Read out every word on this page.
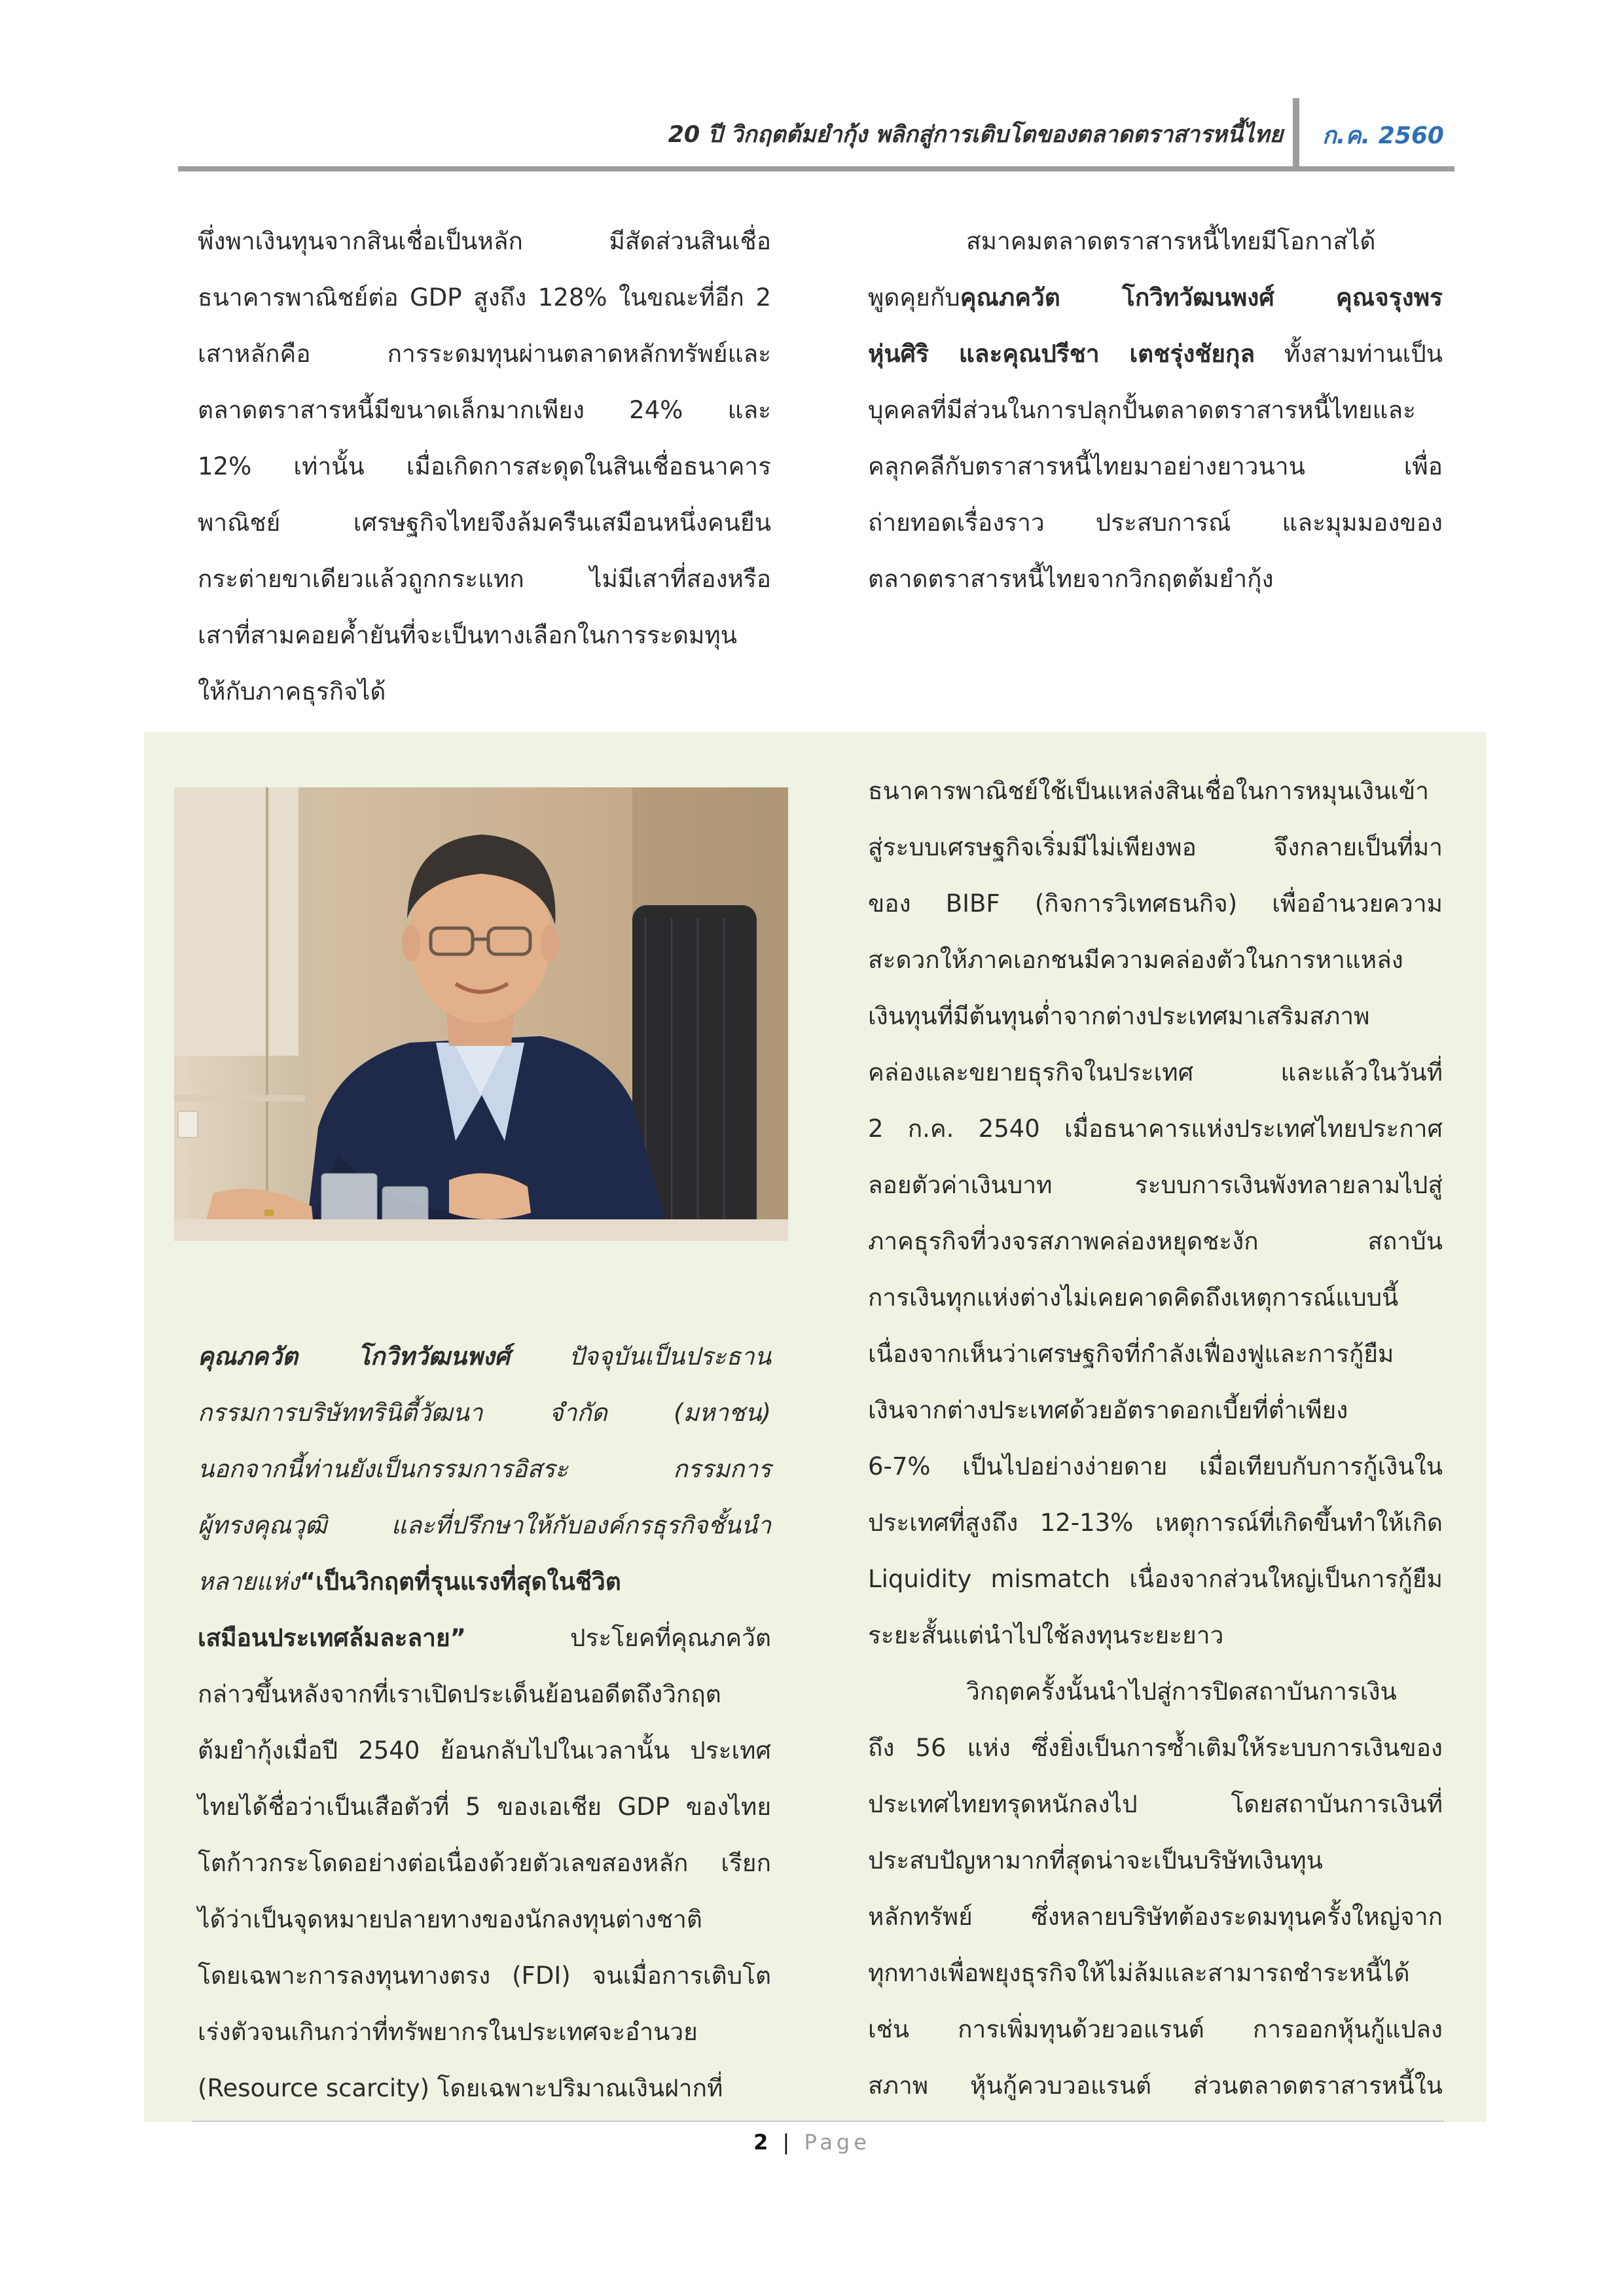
20 ปี วิกฤตต้มยำกุ้ง พลิกสู่การเติบโตของตลาดตราสารหนี้ไทย ก.ค. 2560
พึ่งพาเงินทุนจากสินเชื่อเป็นหลัก มีสัดส่วนสินเชื่อ
ธนาคารพาณิชย์ต่อ GDP สูงถึง 128% ในขณะที่อีก 2
เสาหลักคือ การระดมทุนผ่านตลาดหลักทรัพย์และ
ตลาดตราสารหนี้มีขนาดเล็กมากเพียง 24% และ
12% เท่านั้น เมื่อเกิดการสะดุดในสินเชื่อธนาคาร
พาณิชย์ เศรษฐกิจไทยจึงล้มครืนเสมือนหนึ่งคนยืน
กระต่ายขาเดียวแล้วถูกกระแทก ไม่มีเสาที่สองหรือ
เสาที่สามคอยค้ำยันที่จะเป็นทางเลือกในการระดมทุน
ให้กับภาคธุรกิจได้
สมาคมตลาดตราสารหนี้ไทยมีโอกาสได้
พูดคุยกับคุณภควัต โกวิทวัฒนพงศ์ คุณจรุงพร
หุ่นศิริ และคุณปรีชา เตชรุ่งชัยกุล ทั้งสามท่านเป็น
บุคคลที่มีส่วนในการปลุกปั้นตลาดตราสารหนี้ไทยและ
คลุกคลีกับตราสารหนี้ไทยมาอย่างยาวนาน เพื่อ
ถ่ายทอดเรื่องราว ประสบการณ์ และมุมมองของ
ตลาดตราสารหนี้ไทยจากวิกฤตต้มยำกุ้ง
คุณภควัต โกวิทวัฒนพงศ์ ปัจจุบันเป็นประธาน
กรรมการบริษัททรินิตี้วัฒนา จำกัด (มหาชน)
นอกจากนี้ท่านยังเป็นกรรมการอิสระ กรรมการ
ผู้ทรงคุณวุฒิ และที่ปรึกษาให้กับองค์กรธุรกิจชั้นนำ
หลายแห่ง“เป็นวิกฤตที่รุนแรงที่สุดในชีวิต
เสมือนประเทศล้มละลาย” ประโยคที่คุณภควัต
กล่าวขึ้นหลังจากที่เราเปิดประเด็นย้อนอดีตถึงวิกฤต
ต้มยำกุ้งเมื่อปี 2540 ย้อนกลับไปในเวลานั้น ประเทศ
ไทยได้ชื่อว่าเป็นเสือตัวที่ 5 ของเอเชีย GDP ของไทย
โตก้าวกระโดดอย่างต่อเนื่องด้วยตัวเลขสองหลัก เรียก
ได้ว่าเป็นจุดหมายปลายทางของนักลงทุนต่างชาติ
โดยเฉพาะการลงทุนทางตรง (FDI) จนเมื่อการเติบโต
เร่งตัวจนเกินกว่าที่ทรัพยากรในประเทศจะอำนวย
(Resource scarcity) โดยเฉพาะปริมาณเงินฝากที่
ธนาคารพาณิชย์ใช้เป็นแหล่งสินเชื่อในการหมุนเงินเข้า
สู่ระบบเศรษฐกิจเริ่มมีไม่เพียงพอ จึงกลายเป็นที่มา
ของ BIBF (กิจการวิเทศธนกิจ) เพื่ออำนวยความ
สะดวกให้ภาคเอกชนมีความคล่องตัวในการหาแหล่ง
เงินทุนที่มีต้นทุนต่ำจากต่างประเทศมาเสริมสภาพ
คล่องและขยายธุรกิจในประเทศ และแล้วในวันที่
2 ก.ค. 2540 เมื่อธนาคารแห่งประเทศไทยประกาศ
ลอยตัวค่าเงินบาท ระบบการเงินพังทลายลามไปสู่
ภาคธุรกิจที่วงจรสภาพคล่องหยุดชะงัก สถาบัน
การเงินทุกแห่งต่างไม่เคยคาดคิดถึงเหตุการณ์แบบนี้
เนื่องจากเห็นว่าเศรษฐกิจที่กำลังเฟื่องฟูและการกู้ยืม
เงินจากต่างประเทศด้วยอัตราดอกเบี้ยที่ต่ำเพียง
6-7% เป็นไปอย่างง่ายดาย เมื่อเทียบกับการกู้เงินใน
ประเทศที่สูงถึง 12-13% เหตุการณ์ที่เกิดขึ้นทำให้เกิด
Liquidity mismatch เนื่องจากส่วนใหญ่เป็นการกู้ยืม
ระยะสั้นแต่นำไปใช้ลงทุนระยะยาว
วิกฤตครั้งนั้นนำไปสู่การปิดสถาบันการเงิน
ถึง 56 แห่ง ซึ่งยิ่งเป็นการซ้ำเติมให้ระบบการเงินของ
ประเทศไทยทรุดหนักลงไป โดยสถาบันการเงินที่
ประสบปัญหามากที่สุดน่าจะเป็นบริษัทเงินทุน
หลักทรัพย์ ซึ่งหลายบริษัทต้องระดมทุนครั้งใหญ่จาก
ทุกทางเพื่อพยุงธุรกิจให้ไม่ล้มและสามารถชำระหนี้ได้
เช่น การเพิ่มทุนด้วยวอแรนต์ การออกหุ้นกู้แปลง
สภาพ หุ้นกู้ควบวอแรนต์ ส่วนตลาดตราสารหนี้ใน
2 | Page
